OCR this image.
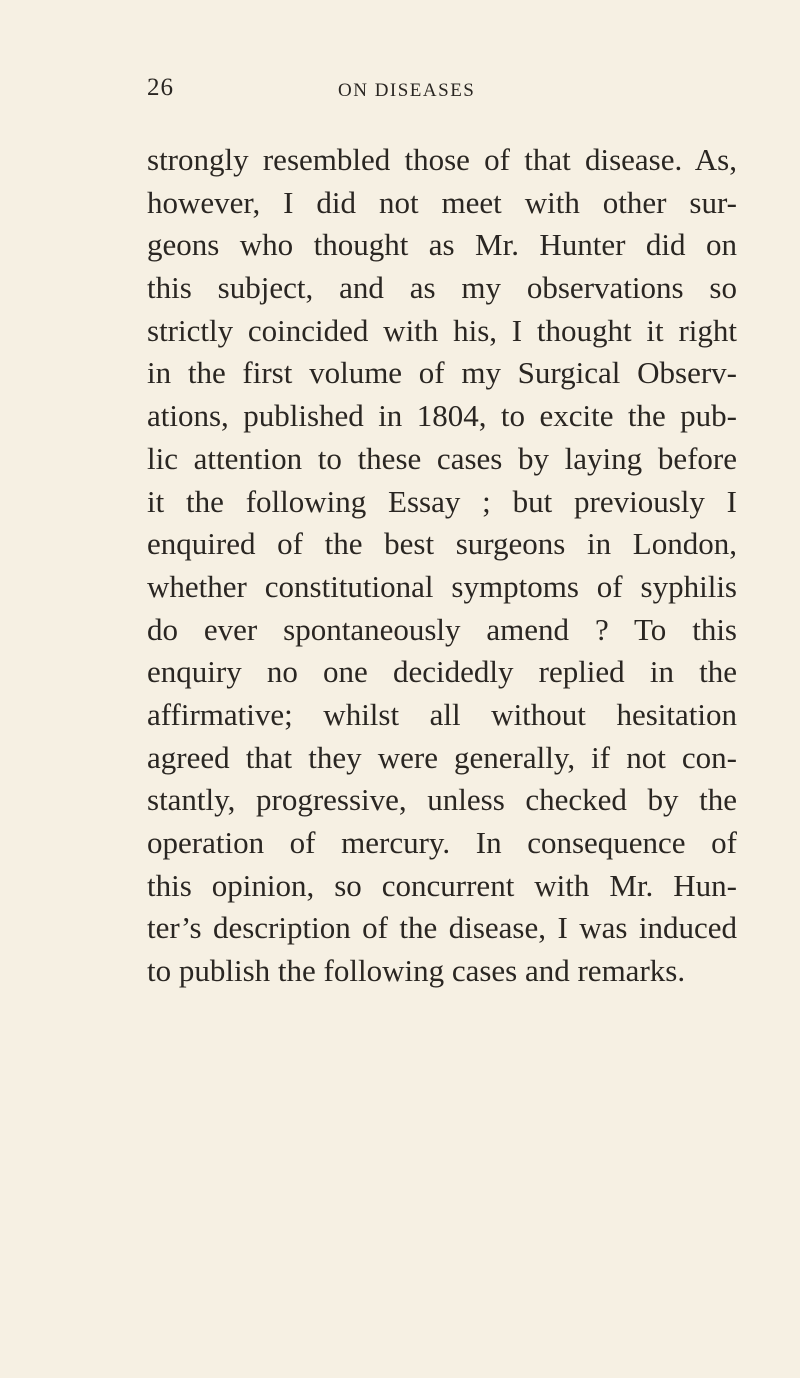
26	ON DISEASES
strongly resembled those of that disease. As,
however, I did not meet with other sur-
geons who thought as Mr. Hunter did on
this subject, and as my observations so
strictly coincided with his, I thought it right
in the first volume of my Surgical Observ-
ations, published in 1804, to excite the pub-
lic attention to these cases by laying before
it the following Essay ; but previously I
enquired of the best surgeons in London,
whether constitutional symptoms of syphilis
do ever spontaneously amend ? To this
enquiry no one decidedly replied in the
affirmative; whilst all without hesitation
agreed that they were generally, if not con-
stantly, progressive, unless checked by the
operation of mercury. In consequence of
this opinion, so concurrent with Mr. Hun-
ter’s description of the disease, I was induced
to publish the following cases and remarks.
